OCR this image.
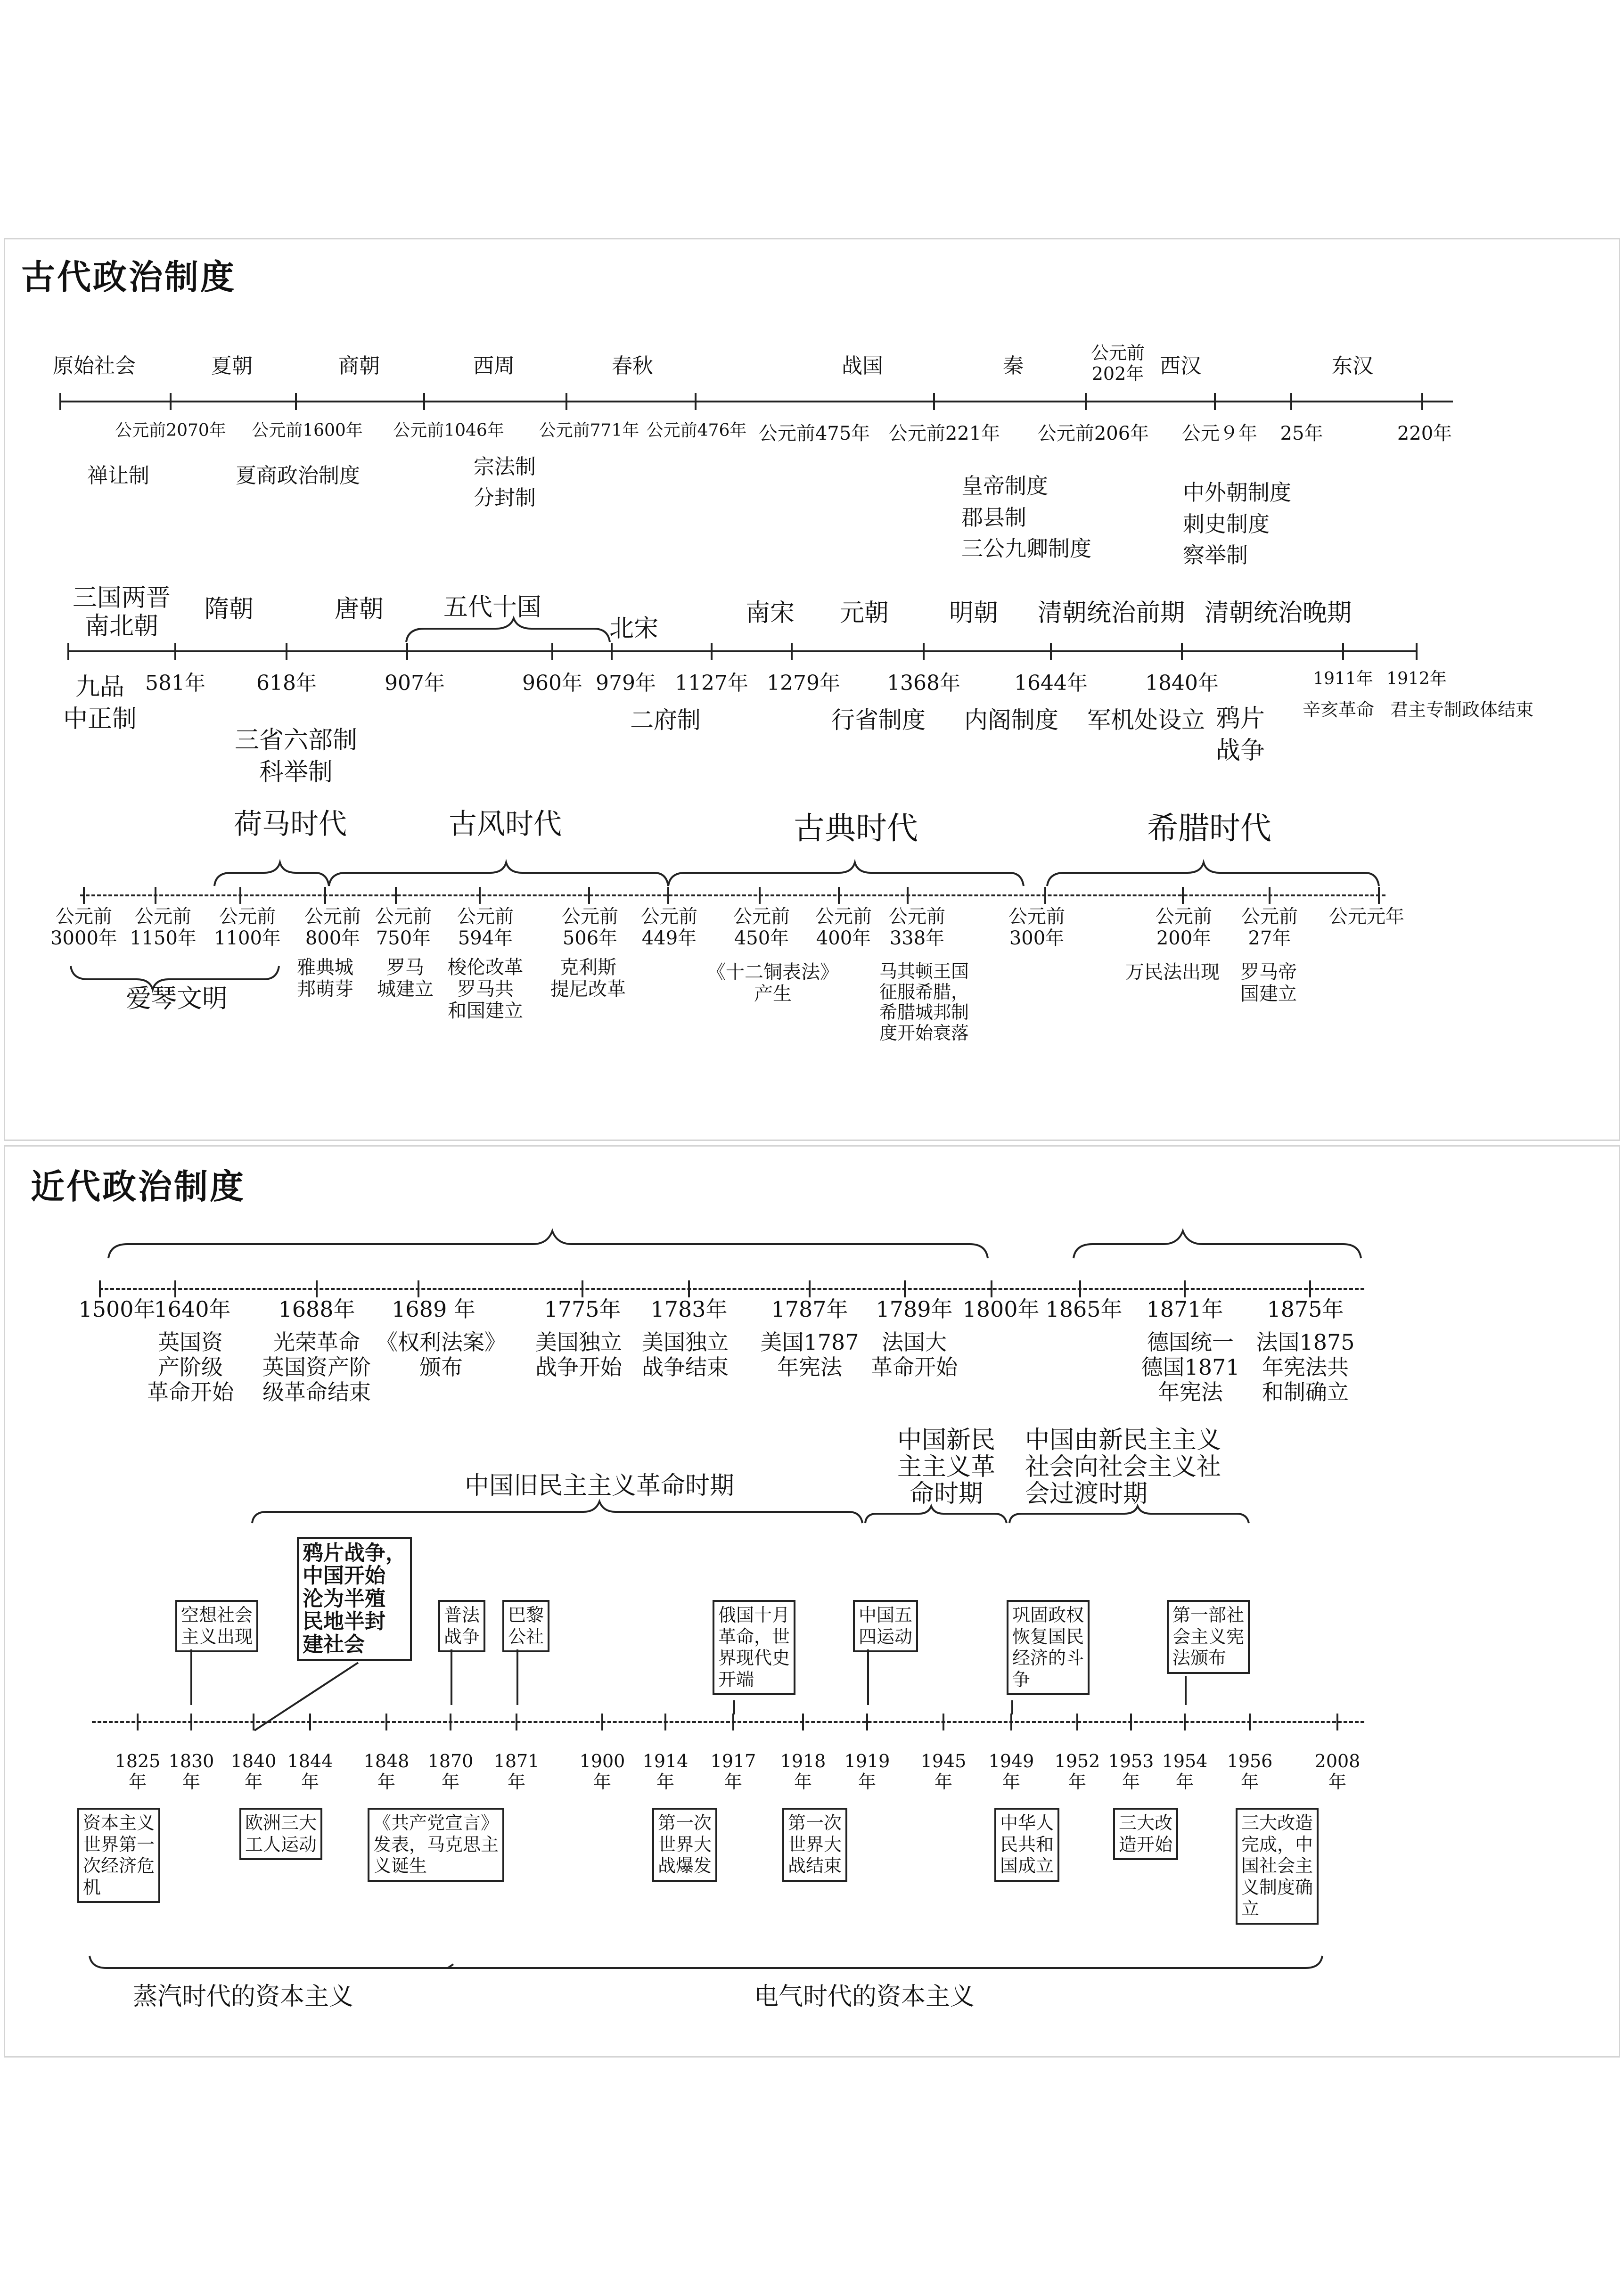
古代政治制度
原始社会	夏朝	商朝	西周	春秋	战国	秦
公元前
202年 西汉	东汉
公元前2070年 公元前1600年 公元前1046年 公元前771年 公元前476年 公元前475年 公元前221年 公元前206年 公元９年 25年	220年
禅让制	夏商政治制度	宗法制
分封制	皇帝制度
郡县制
三公九卿制度
中外朝制度
刺史制度
察举制
三国两晋
南北朝
隋朝	唐朝 五代十国
北宋
南宋 元朝 明朝 清朝统治前期 清朝统治晚期
581年 618年	907年	960年 979年 1127年 1279年 1368年	1644年	1840年	1911年 1912年
九品
中正制
三省六部制
科举制
二府制	行省制度 内阁制度 军机处设立 鸦片
战争
辛亥革命 君主专制政体结束
荷马时代	古风时代	古典时代	希腊时代
爱琴文明
公元前
3000年
公元前
1150年
公元前
1100年
公元前
800年
公元前
750年
公元前
594年
公元前
506年
公元前
449年
公元前
450年
公元前
400年
公元前
338年
公元前
300年
公元前
200年
公元前
27年
公元元年
雅典城
邦萌芽
罗马
城建立
梭伦改革
罗马共
和国建立
克利斯
提尼改革
《十二铜表法》
产生
马其顿王国
征服希腊，
希腊城邦制
度开始衰落
万民法出现 罗马帝
国建立
近代政治制度
1500年
1640年 1688年 1689 年	1775年 1783年 1787年 1789年 1800年 1865年 1871年 1875年
英国资
产阶级
革命开始
光荣革命
英国资产阶
级革命结束
《权利法案》
颁布
美国独立
战争开始
美国独立
战争结束
美国1787
年宪法
法国大
革命开始
德国统一
德国1871
年宪法
法国1875
年宪法共
和制确立
中国旧民主主义革命时期
中国新民
主主义革
命时期
中国由新民主主义
社会向社会主义社
会过渡时期
空想社会
主义出现
鸦片战争，
中国开始
沦为半殖
民地半封
建社会
普法
战争
巴黎
公社
俄国十月
革命，世
界现代史
开端
中国五
四运动
巩固政权
恢复国民
经济的斗
争
第一部社
会主义宪
法颁布
1825
年
1830
年
1840
年
1844
年
1848
年
1870
年
1871
年
1900
年
1914
年
1917
年
1918
年
1919
年
1945
年
1949
年
1952
年
1953
年
1954
年
1956
年
2008
年
资本主义
世界第一
次经济危
机
欧洲三大
工人运动
《共产党宣言》
发表，马克思主
义诞生
第一次
世界大
战爆发
第一次
世界大
战结束
中华人
民共和
国成立
三大改
造开始
三大改造
完成，中
国社会主
义制度确
立
蒸汽时代的资本主义	电气时代的资本主义
